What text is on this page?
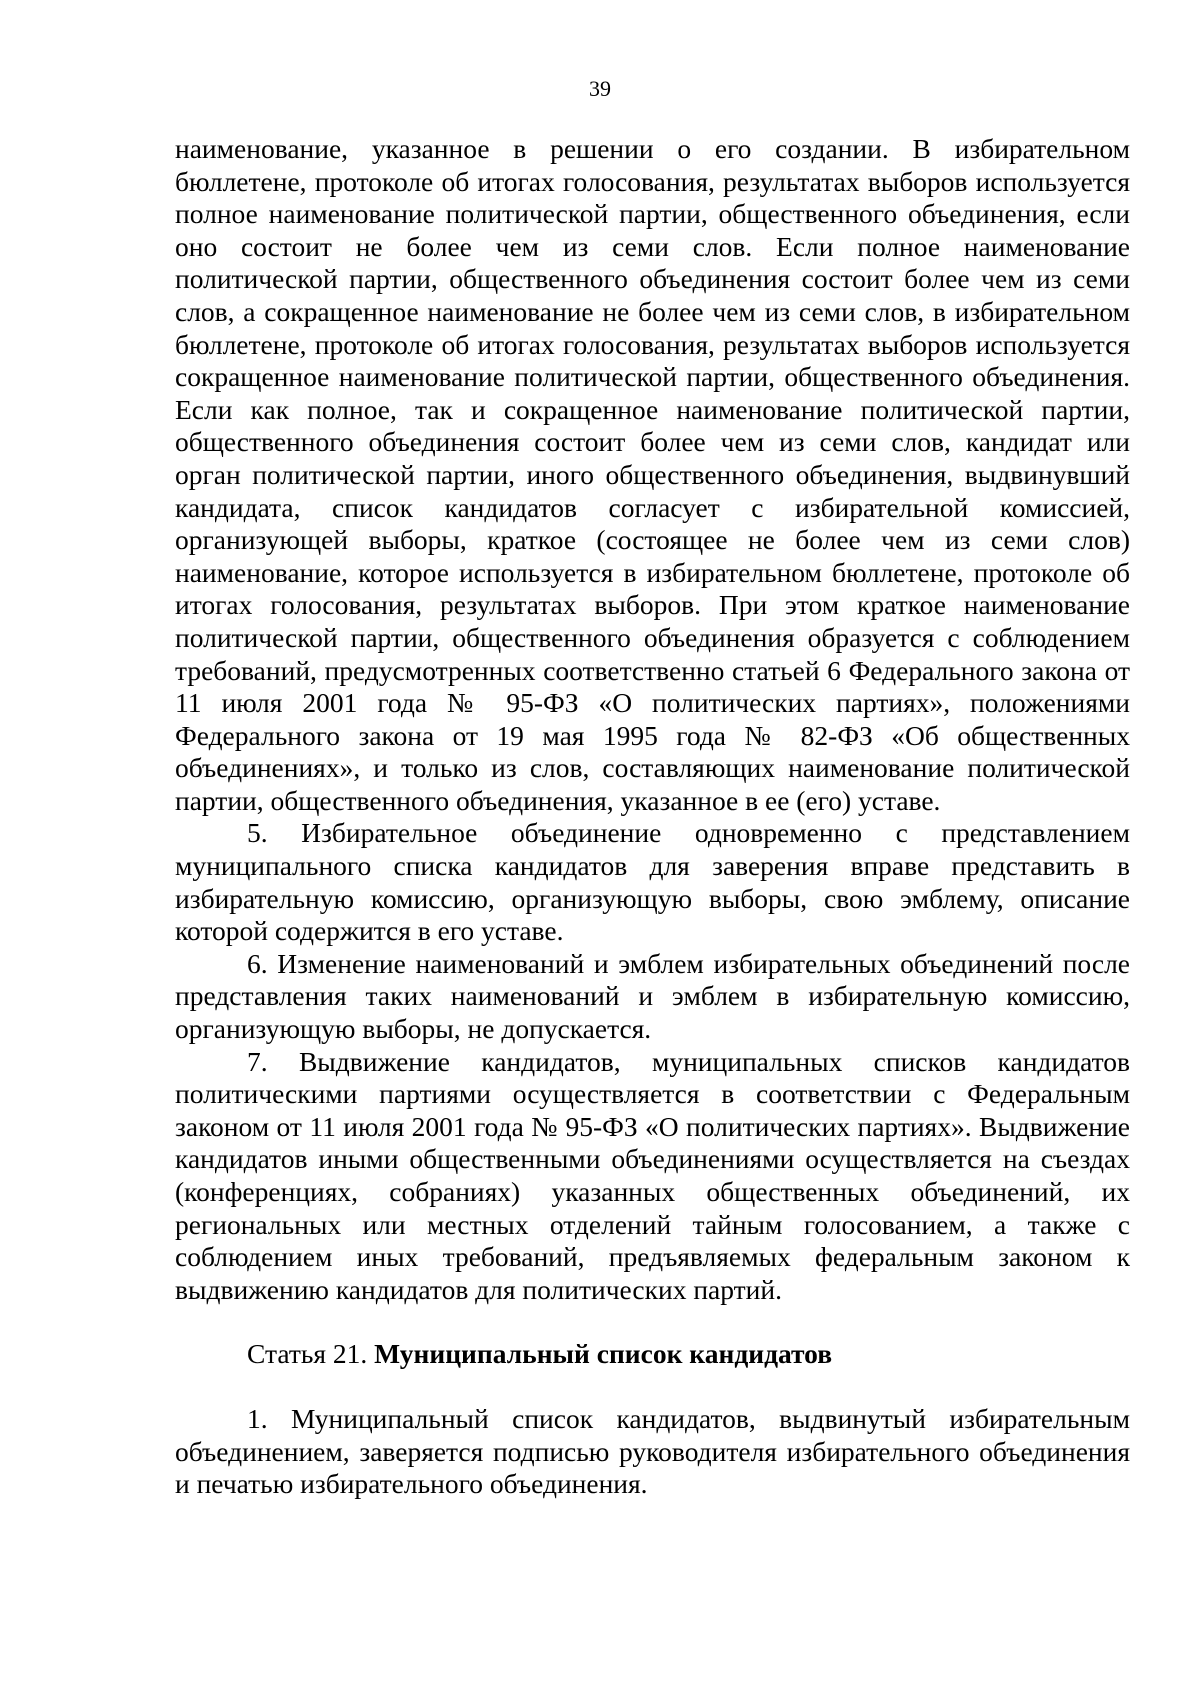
39

наименование, указанное в решении о его создании. В избирательном бюллетене, протоколе об итогах голосования, результатах выборов используется полное наименование политической партии, общественного объединения, если оно состоит не более чем из семи слов. Если полное наименование политической партии, общественного объединения состоит более чем из семи слов, а сокращенное наименование не более чем из семи слов, в избирательном бюллетене, протоколе об итогах голосования, результатах выборов используется сокращенное наименование политической партии, общественного объединения. Если как полное, так и сокращенное наименование политической партии, общественного объединения состоит более чем из семи слов, кандидат или орган политической партии, иного общественного объединения, выдвинувший кандидата, список кандидатов согласует с избирательной комиссией, организующей выборы, краткое (состоящее не более чем из семи слов) наименование, которое используется в избирательном бюллетене, протоколе об итогах голосования, результатах выборов. При этом краткое наименование политической партии, общественного объединения образуется с соблюдением требований, предусмотренных соответственно статьей 6 Федерального закона от 11 июля 2001 года № 95-ФЗ «О политических партиях», положениями Федерального закона от 19 мая 1995 года № 82-ФЗ «Об общественных объединениях», и только из слов, составляющих наименование политической партии, общественного объединения, указанное в ее (его) уставе.

5. Избирательное объединение одновременно с представлением муниципального списка кандидатов для заверения вправе представить в избирательную комиссию, организующую выборы, свою эмблему, описание которой содержится в его уставе.

6. Изменение наименований и эмблем избирательных объединений после представления таких наименований и эмблем в избирательную комиссию, организующую выборы, не допускается.

7. Выдвижение кандидатов, муниципальных списков кандидатов политическими партиями осуществляется в соответствии с Федеральным законом от 11 июля 2001 года № 95-ФЗ «О политических партиях». Выдвижение кандидатов иными общественными объединениями осуществляется на съездах (конференциях, собраниях) указанных общественных объединений, их региональных или местных отделений тайным голосованием, а также с соблюдением иных требований, предъявляемых федеральным законом к выдвижению кандидатов для политических партий.

Статья 21. Муниципальный список кандидатов

1. Муниципальный список кандидатов, выдвинутый избирательным объединением, заверяется подписью руководителя избирательного объединения и печатью избирательного объединения.
